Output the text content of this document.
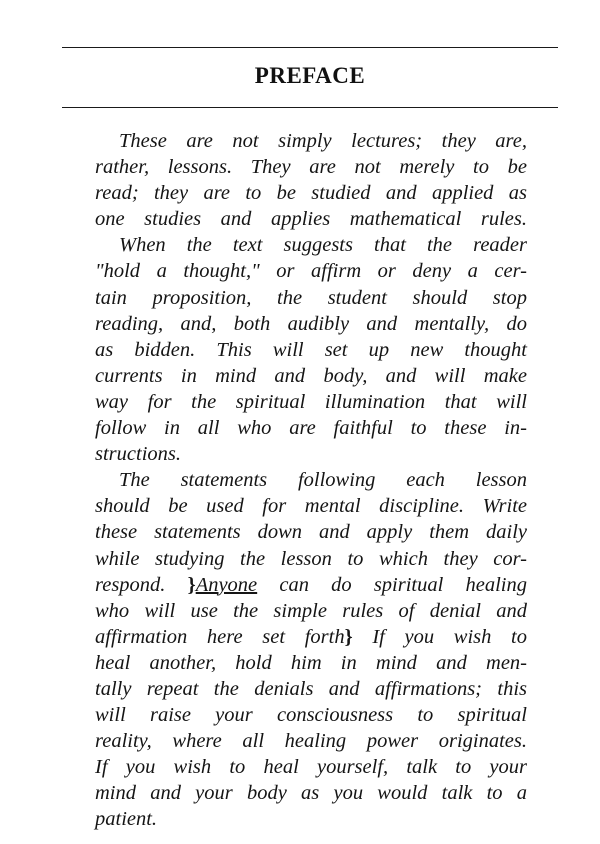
PREFACE
These are not simply lectures; they are,
rather, lessons. They are not merely to be
read; they are to be studied and applied as
one studies and applies mathematical rules.
When the text suggests that the reader
"hold a thought," or affirm or deny a cer-
tain proposition, the student should stop
reading, and, both audibly and mentally, do
as bidden. This will set up new thought
currents in mind and body, and will make
way for the spiritual illumination that will
follow in all who are faithful to these in-
structions.
The statements following each lesson
should be used for mental discipline. Write
these statements down and apply them daily
while studying the lesson to which they cor-
respond. }Anyone can do spiritual healing
who will use the simple rules of denial and
affirmation here set forth} If you wish to
heal another, hold him in mind and men-
tally repeat the denials and affirmations; this
will raise your consciousness to spiritual
reality, where all healing power originates.
If you wish to heal yourself, talk to your
mind and your body as you would talk to a
patient.
